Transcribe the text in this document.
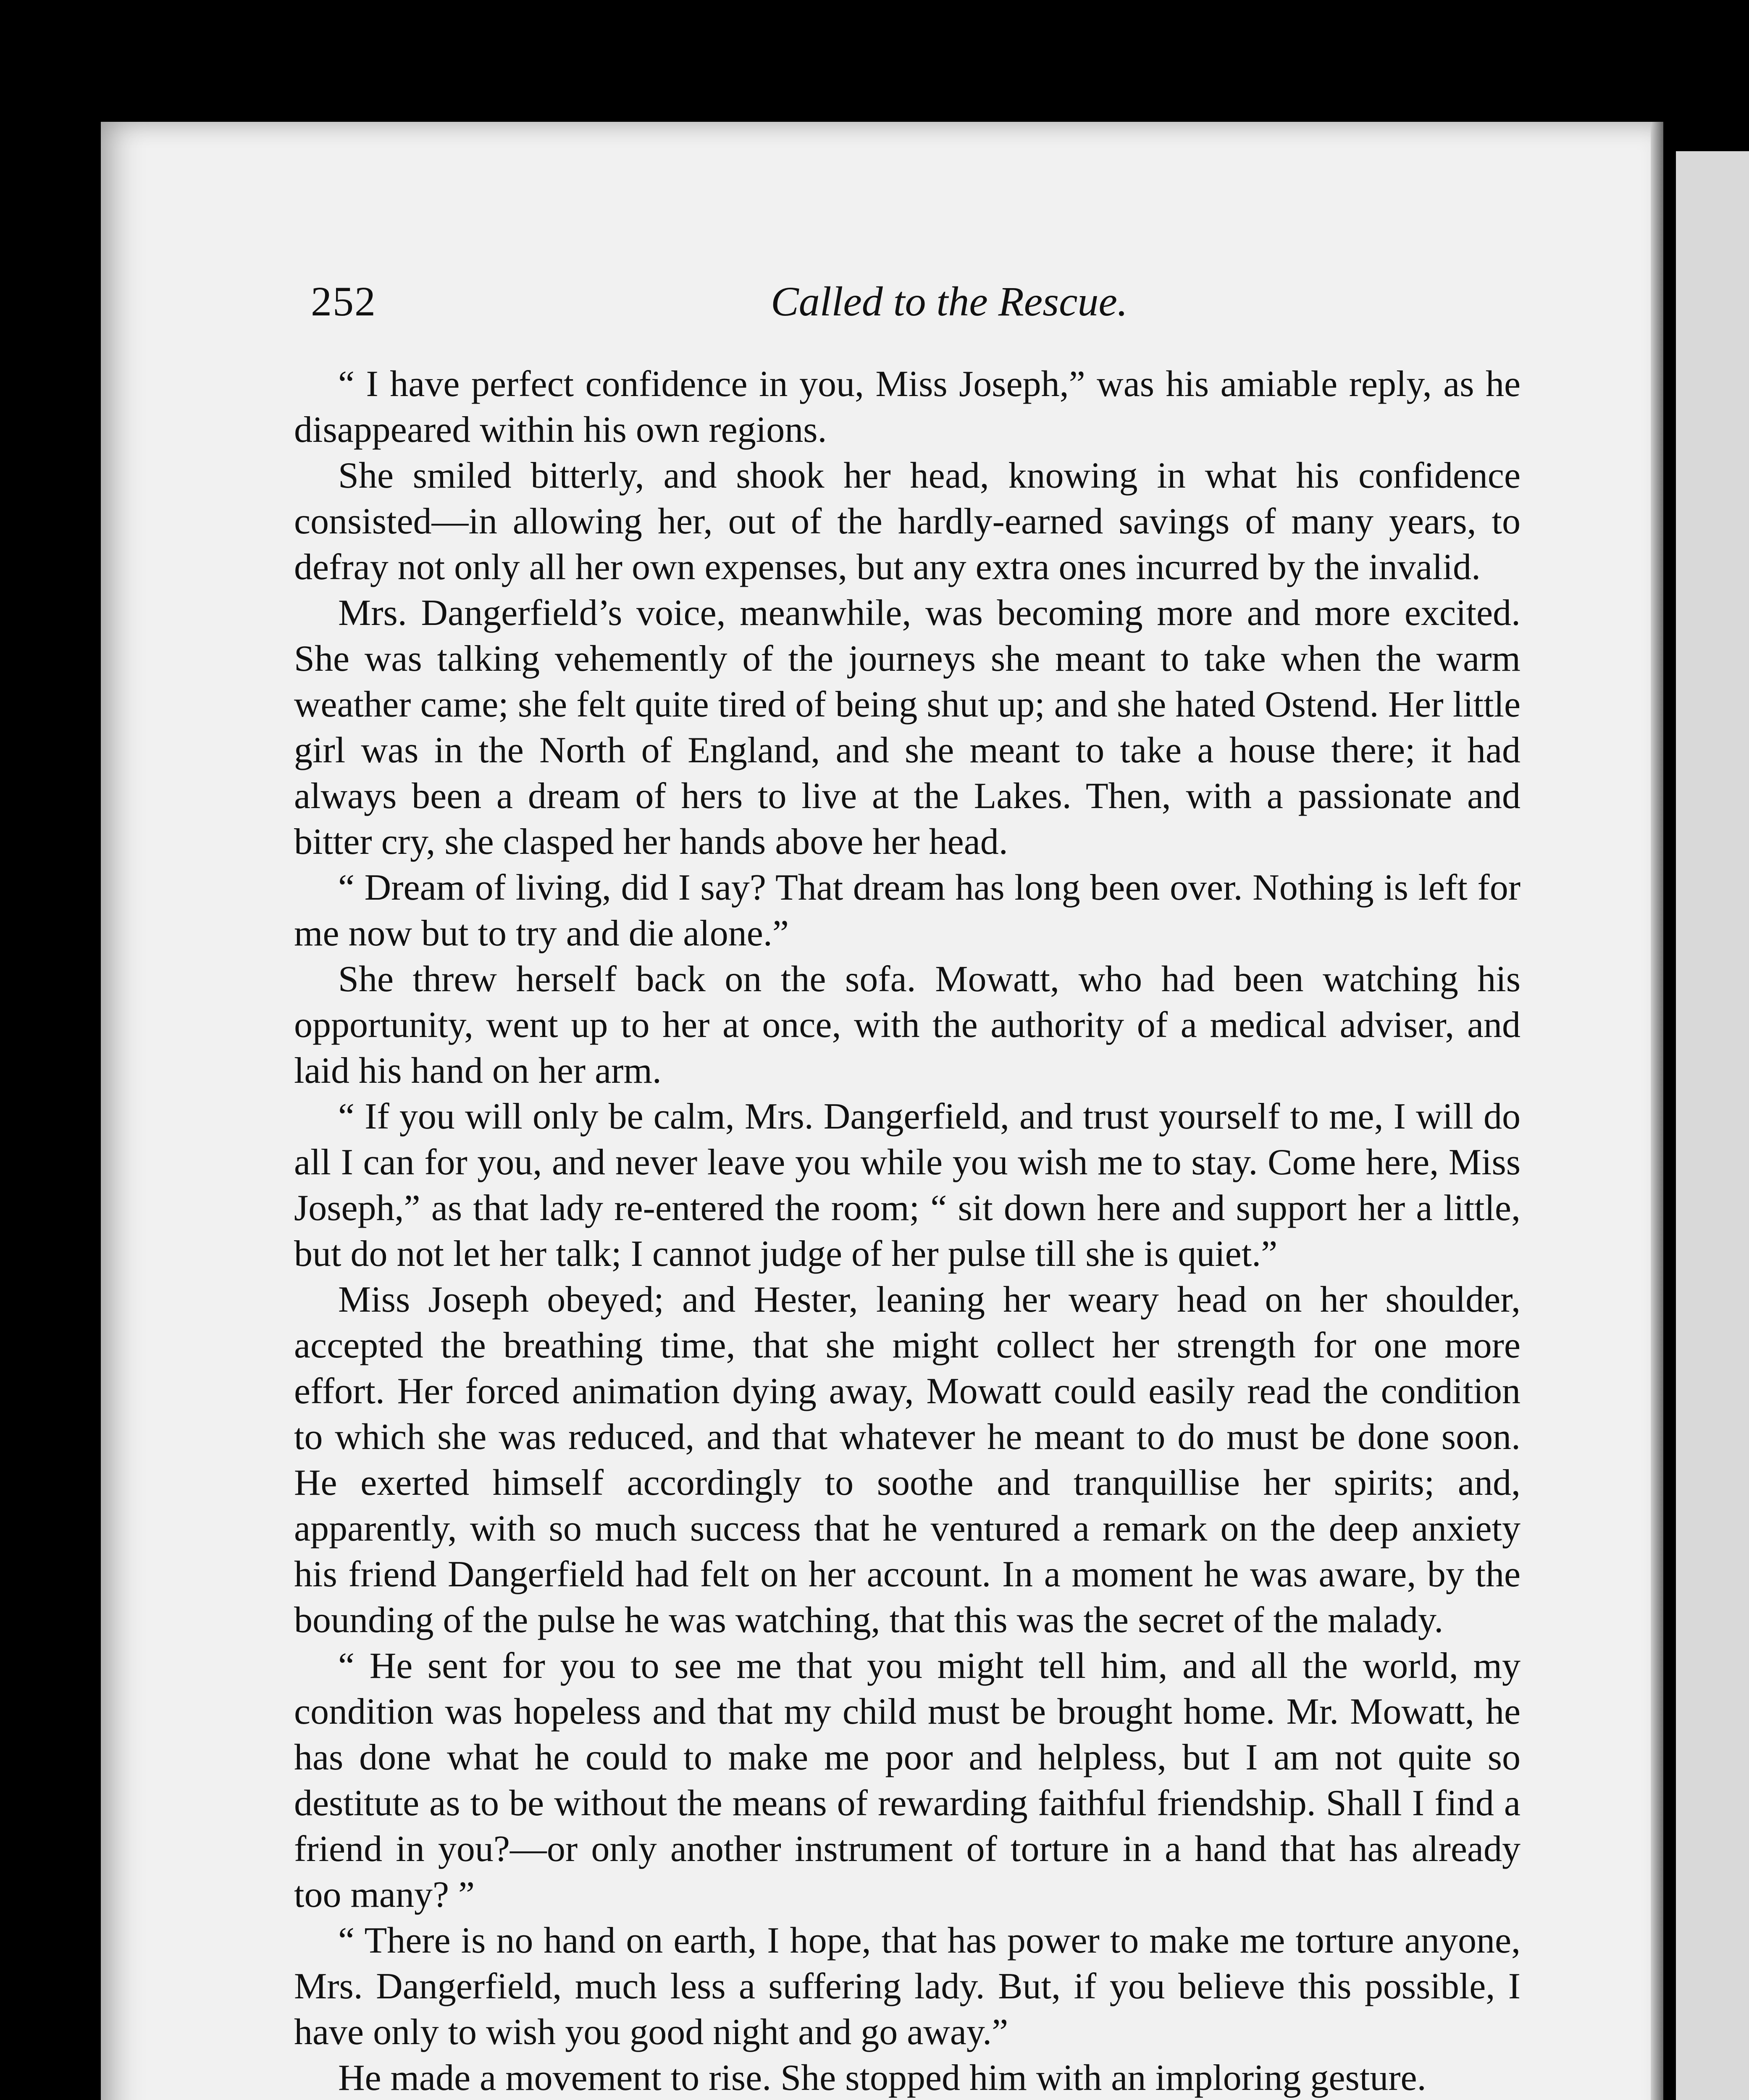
252	Called to the Rescue.

“ I have perfect confidence in you, Miss Joseph,” was his amiable reply, as he disappeared within his own regions.

She smiled bitterly, and shook her head, knowing in what his confidence consisted—in allowing her, out of the hardly-earned savings of many years, to defray not only all her own expenses, but any extra ones incurred by the invalid.

Mrs. Dangerfield’s voice, meanwhile, was becoming more and more excited. She was talking vehemently of the journeys she meant to take when the warm weather came; she felt quite tired of being shut up; and she hated Ostend. Her little girl was in the North of England, and she meant to take a house there; it had always been a dream of hers to live at the Lakes. Then, with a passionate and bitter cry, she clasped her hands above her head.

“ Dream of living, did I say? That dream has long been over. Nothing is left for me now but to try and die alone.”

She threw herself back on the sofa. Mowatt, who had been watching his opportunity, went up to her at once, with the authority of a medical adviser, and laid his hand on her arm.

“ If you will only be calm, Mrs. Dangerfield, and trust yourself to me, I will do all I can for you, and never leave you while you wish me to stay. Come here, Miss Joseph,” as that lady re-entered the room; “ sit down here and support her a little, but do not let her talk; I cannot judge of her pulse till she is quiet.”

Miss Joseph obeyed; and Hester, leaning her weary head on her shoulder, accepted the breathing time, that she might collect her strength for one more effort. Her forced animation dying away, Mowatt could easily read the condition to which she was reduced, and that whatever he meant to do must be done soon. He exerted himself accordingly to soothe and tranquillise her spirits; and, apparently, with so much success that he ventured a remark on the deep anxiety his friend Dangerfield had felt on her account. In a moment he was aware, by the bounding of the pulse he was watching, that this was the secret of the malady.

“ He sent for you to see me that you might tell him, and all the world, my condition was hopeless and that my child must be brought home. Mr. Mowatt, he has done what he could to make me poor and helpless, but I am not quite so destitute as to be without the means of rewarding faithful friendship. Shall I find a friend in you?—or only another instrument of torture in a hand that has already too many? ”

“ There is no hand on earth, I hope, that has power to make me torture anyone, Mrs. Dangerfield, much less a suffering lady. But, if you believe this possible, I have only to wish you good night and go away.”

He made a movement to rise. She stopped him with an imploring gesture.
